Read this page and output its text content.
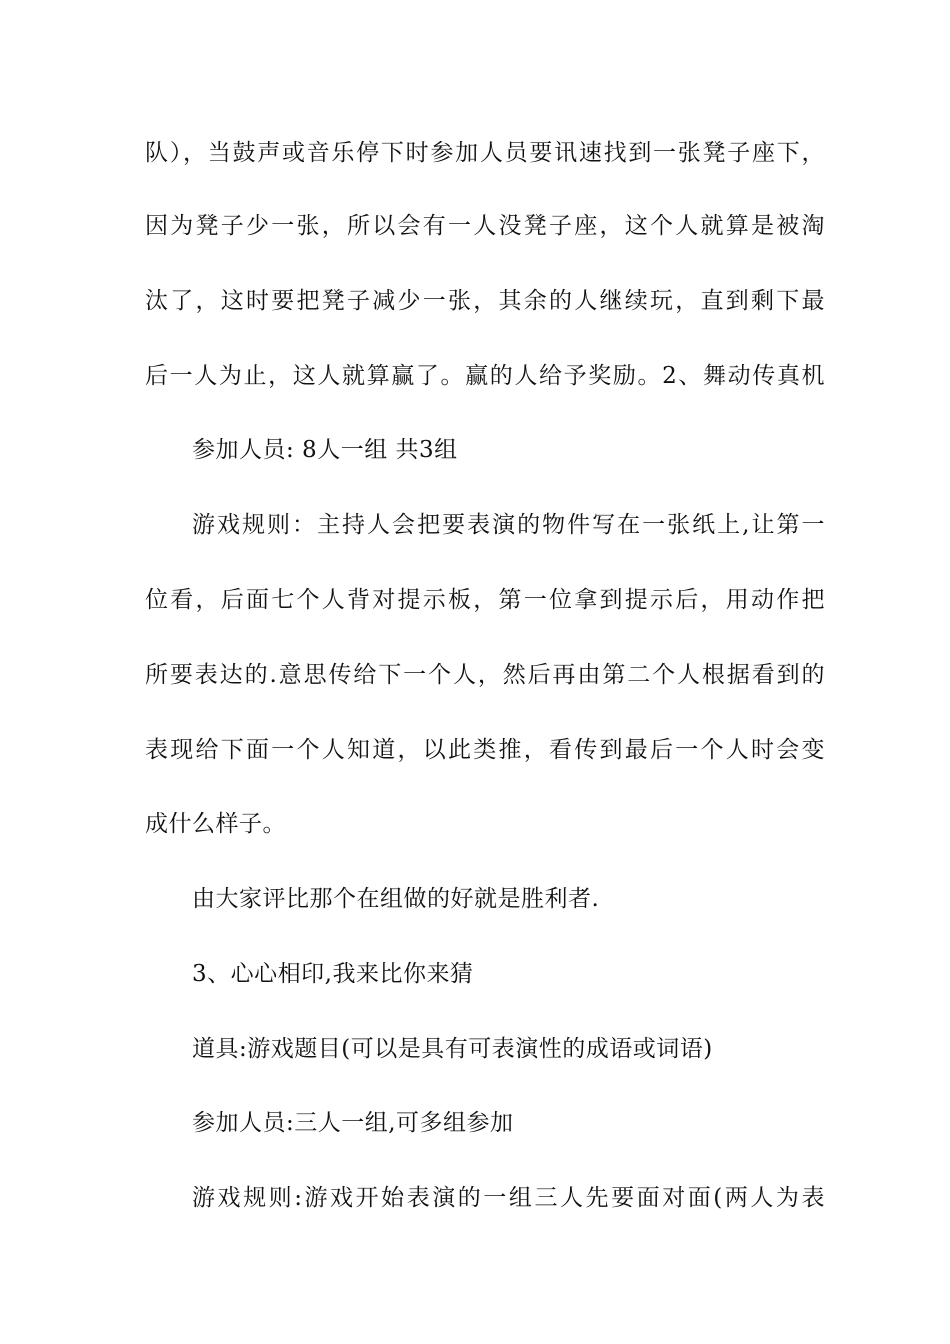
队），当鼓声或音乐停下时参加人员要讯速找到一张凳子座下，
因为凳子少一张，所以会有一人没凳子座，这个人就算是被淘
汰了，这时要把凳子减少一张，其余的人继续玩，直到剩下最
后一人为止，这人就算赢了。赢的人给予奖励。2、舞动传真机
参加人员: 8人一组 共3组
游戏规则：主持人会把要表演的物件写在一张纸上,让第一
位看，后面七个人背对提示板，第一位拿到提示后，用动作把
所要表达的.意思传给下一个人，然后再由第二个人根据看到的
表现给下面一个人知道，以此类推，看传到最后一个人时会变
成什么样子。
由大家评比那个在组做的好就是胜利者.
3、心心相印,我来比你来猜
道具:游戏题目(可以是具有可表演性的成语或词语)
参加人员:三人一组,可多组参加
游戏规则:游戏开始表演的一组三人先要面对面(两人为表
